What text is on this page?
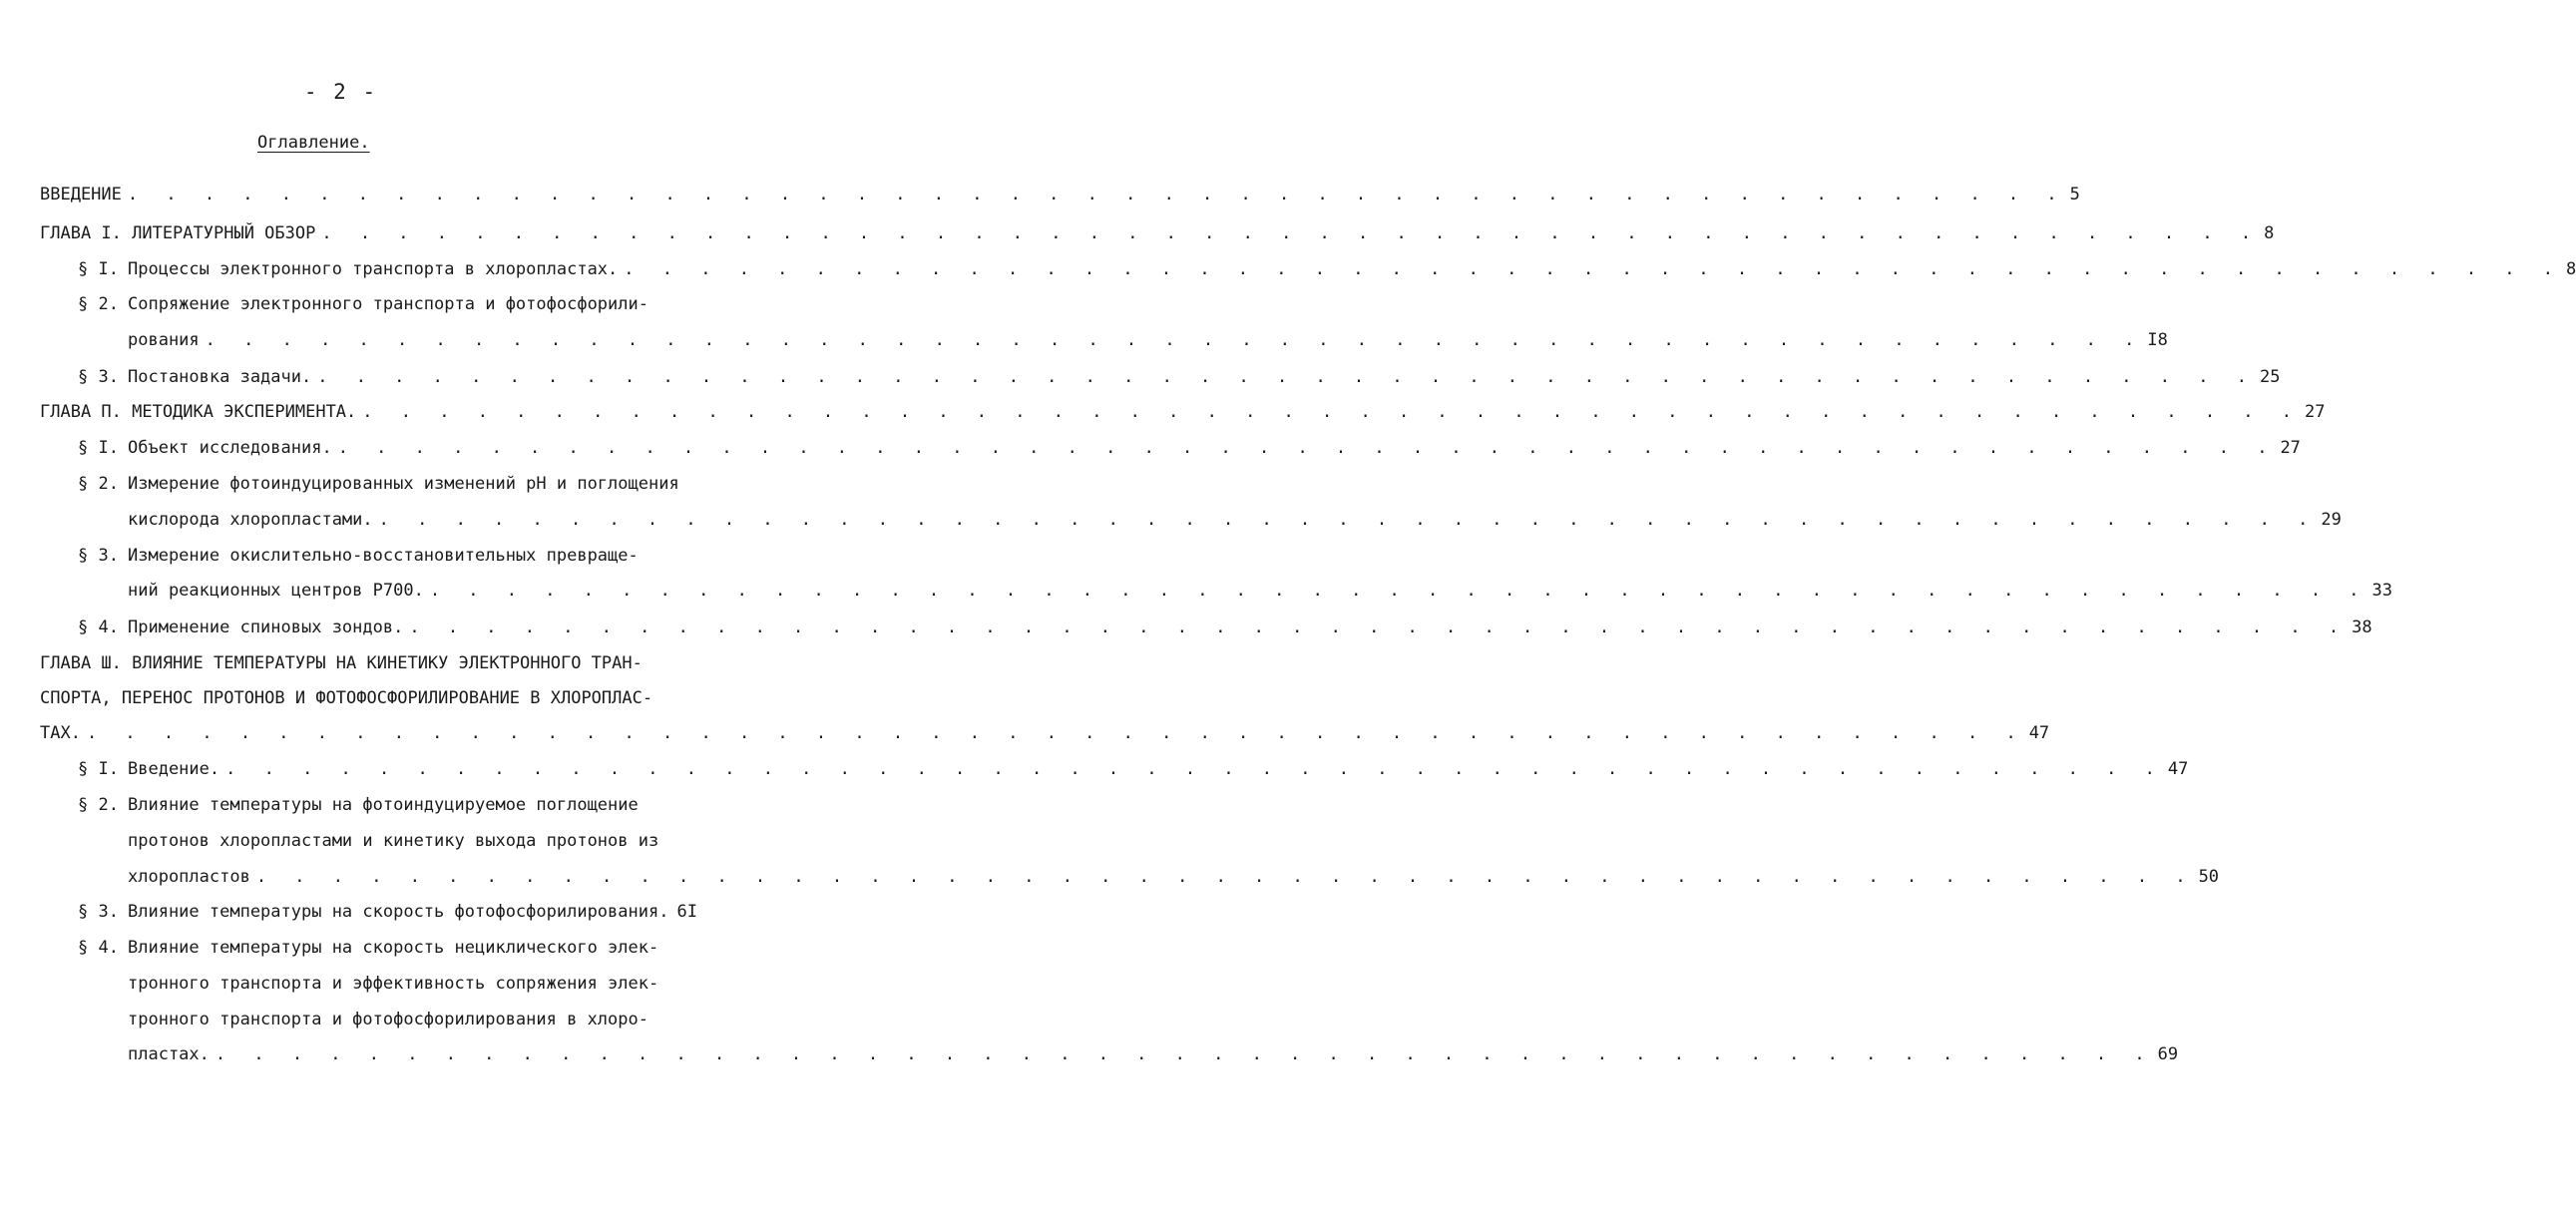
- 2 -
Оглавление.
ВВЕДЕНИЕ . . . . . . . . . . . . . . . . . . . . . . . . . . . . . . . . . . . . . . . . . . . . . . . . . . . 5
ГЛАВА I. ЛИТЕРАТУРНЫЙ ОБЗОР . . . . . . . . . . . . . . . . . . . . . . . . . . . . . . . . . . . . . . . . . . . . . . . . . . . 8
§ I. Процессы электронного транспорта в хлоропластах. . . . . . . . . . . . . . . . . . . . . . . . . . . . . . . . . . . . . . . . . . . . . . . . . . . . 8
§ 2. Сопряжение электронного транспорта и фотофосфорили-
рования . . . . . . . . . . . . . . . . . . . . . . . . . . . . . . . . . . . . . . . . . . . . . . . . . . . I8
§ 3. Постановка задачи. . . . . . . . . . . . . . . . . . . . . . . . . . . . . . . . . . . . . . . . . . . . . . . . . . . . 25
ГЛАВА П. МЕТОДИКА ЭКСПЕРИМЕНТА. . . . . . . . . . . . . . . . . . . . . . . . . . . . . . . . . . . . . . . . . . . . . . . . . . . . 27
§ I. Объект исследования. . . . . . . . . . . . . . . . . . . . . . . . . . . . . . . . . . . . . . . . . . . . . . . . . . . . 27
§ 2. Измерение фотоиндуцированных изменений pH и поглощения
кислорода хлоропластами. . . . . . . . . . . . . . . . . . . . . . . . . . . . . . . . . . . . . . . . . . . . . . . . . . . . 29
§ 3. Измерение окислительно-восстановительных превраще-
ний реакционных центров P700. . . . . . . . . . . . . . . . . . . . . . . . . . . . . . . . . . . . . . . . . . . . . . . . . . . . 33
§ 4. Применение спиновых зондов. . . . . . . . . . . . . . . . . . . . . . . . . . . . . . . . . . . . . . . . . . . . . . . . . . . . 38
ГЛАВА Ш. ВЛИЯНИЕ ТЕМПЕРАТУРЫ НА КИНЕТИКУ ЭЛЕКТРОННОГО ТРАН-
СПОРТА, ПЕРЕНОС ПРОТОНОВ И ФОТОФОСФОРИЛИРОВАНИЕ В ХЛОРОПЛАС-
ТАХ. . . . . . . . . . . . . . . . . . . . . . . . . . . . . . . . . . . . . . . . . . . . . . . . . . . . 47
§ I. Введение. . . . . . . . . . . . . . . . . . . . . . . . . . . . . . . . . . . . . . . . . . . . . . . . . . . . 47
§ 2. Влияние температуры на фотоиндуцируемое поглощение
протонов хлоропластами и кинетику выхода протонов из
хлоропластов . . . . . . . . . . . . . . . . . . . . . . . . . . . . . . . . . . . . . . . . . . . . . . . . . . . 50
§ 3. Влияние температуры на скорость фотофосфорилирования. 6I
§ 4. Влияние температуры на скорость нециклического элек-
тронного транспорта и эффективность сопряжения элек-
тронного транспорта и фотофосфорилирования в хлоро-
пластах. . . . . . . . . . . . . . . . . . . . . . . . . . . . . . . . . . . . . . . . . . . . . . . . . . . . 69
